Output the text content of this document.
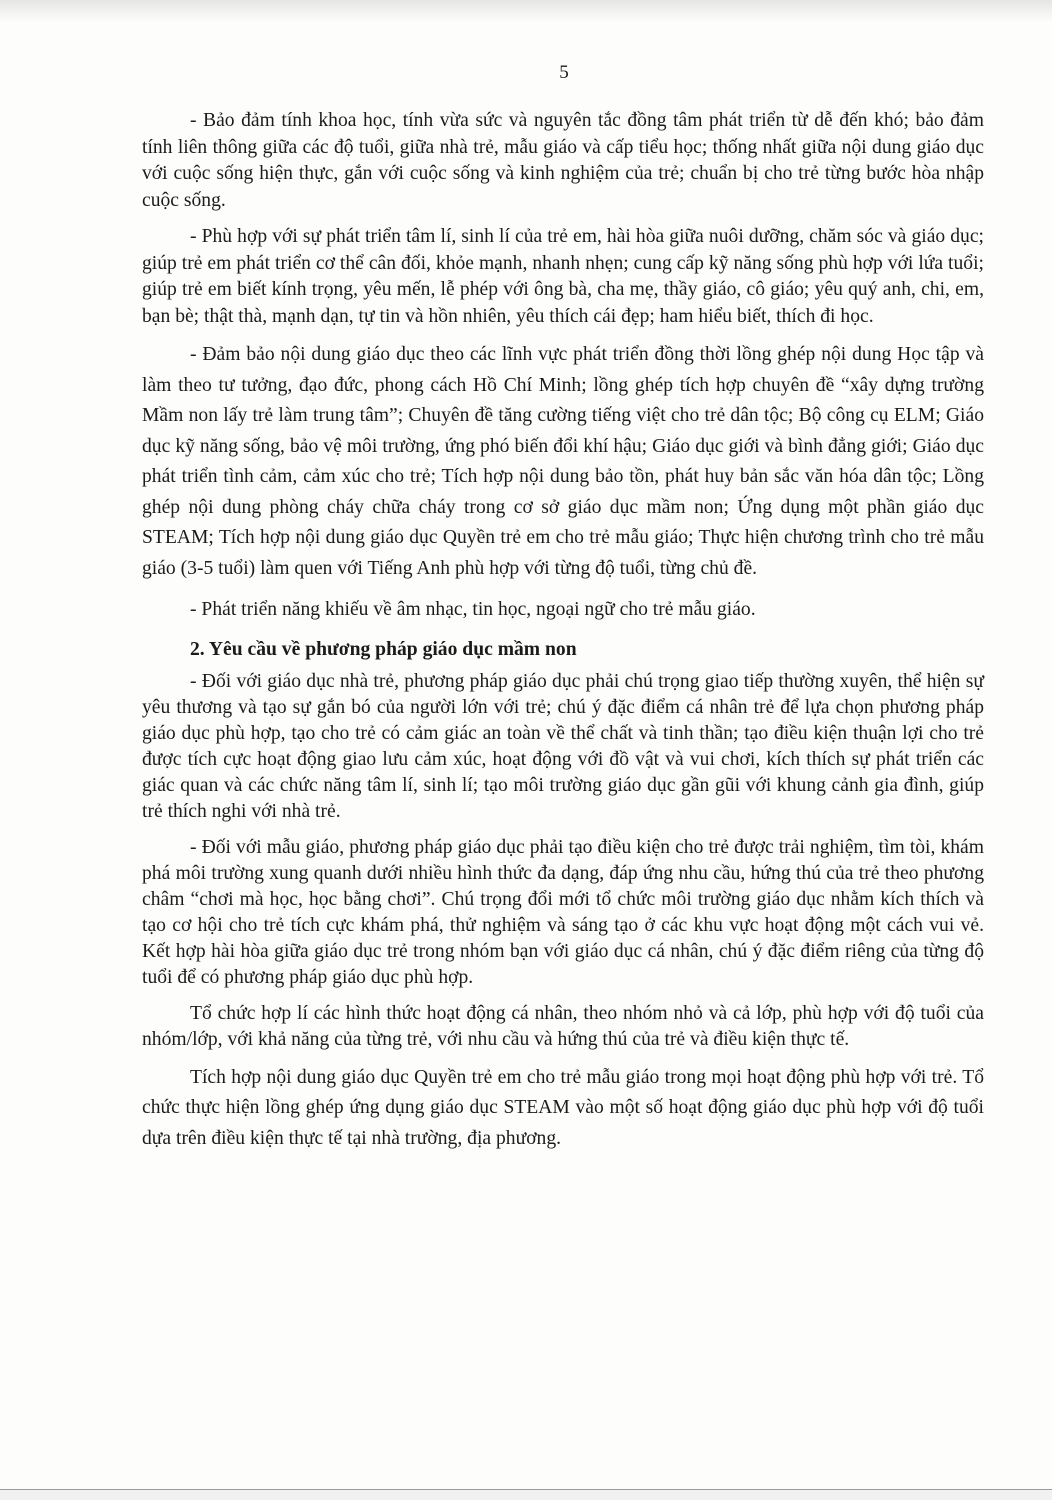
5

- Bảo đảm tính khoa học, tính vừa sức và nguyên tắc đồng tâm phát triển từ dễ đến khó; bảo đảm tính liên thông giữa các độ tuổi, giữa nhà trẻ, mẫu giáo và cấp tiểu học; thống nhất giữa nội dung giáo dục với cuộc sống hiện thực, gắn với cuộc sống và kinh nghiệm của trẻ; chuẩn bị cho trẻ từng bước hòa nhập cuộc sống.

- Phù hợp với sự phát triển tâm lí, sinh lí của trẻ em, hài hòa giữa nuôi dưỡng, chăm sóc và giáo dục; giúp trẻ em phát triển cơ thể cân đối, khỏe mạnh, nhanh nhẹn; cung cấp kỹ năng sống phù hợp với lứa tuổi; giúp trẻ em biết kính trọng, yêu mến, lễ phép với ông bà, cha mẹ, thầy giáo, cô giáo; yêu quý anh, chi, em, bạn bè; thật thà, mạnh dạn, tự tin và hồn nhiên, yêu thích cái đẹp; ham hiểu biết, thích đi học.

- Đảm bảo nội dung giáo dục theo các lĩnh vực phát triển đồng thời lồng ghép nội dung Học tập và làm theo tư tưởng, đạo đức, phong cách Hồ Chí Minh; lồng ghép tích hợp chuyên đề “xây dựng trường Mầm non lấy trẻ làm trung tâm”; Chuyên đề tăng cường tiếng việt cho trẻ dân tộc; Bộ công cụ ELM; Giáo dục kỹ năng sống, bảo vệ môi trường, ứng phó biến đổi khí hậu; Giáo dục giới và bình đẳng giới; Giáo dục phát triển tình cảm, cảm xúc cho trẻ; Tích hợp nội dung bảo tồn, phát huy bản sắc văn hóa dân tộc; Lồng ghép nội dung phòng cháy chữa cháy trong cơ sở giáo dục mầm non; Ứng dụng một phần giáo dục STEAM; Tích hợp nội dung giáo dục Quyền trẻ em cho trẻ mẫu giáo; Thực hiện chương trình cho trẻ mẫu giáo (3-5 tuổi) làm quen với Tiếng Anh phù hợp với từng độ tuổi, từng chủ đề.

- Phát triển năng khiếu về âm nhạc, tin học, ngoại ngữ cho trẻ mẫu giáo.

2. Yêu cầu về phương pháp giáo dục mầm non

- Đối với giáo dục nhà trẻ, phương pháp giáo dục phải chú trọng giao tiếp thường xuyên, thể hiện sự yêu thương và tạo sự gắn bó của người lớn với trẻ; chú ý đặc điểm cá nhân trẻ để lựa chọn phương pháp giáo dục phù hợp, tạo cho trẻ có cảm giác an toàn về thể chất và tinh thần; tạo điều kiện thuận lợi cho trẻ được tích cực hoạt động giao lưu cảm xúc, hoạt động với đồ vật và vui chơi, kích thích sự phát triển các giác quan và các chức năng tâm lí, sinh lí; tạo môi trường giáo dục gần gũi với khung cảnh gia đình, giúp trẻ thích nghi với nhà trẻ.

- Đối với mẫu giáo, phương pháp giáo dục phải tạo điều kiện cho trẻ được trải nghiệm, tìm tòi, khám phá môi trường xung quanh dưới nhiều hình thức đa dạng, đáp ứng nhu cầu, hứng thú của trẻ theo phương châm “chơi mà học, học bằng chơi”. Chú trọng đổi mới tổ chức môi trường giáo dục nhằm kích thích và tạo cơ hội cho trẻ tích cực khám phá, thử nghiệm và sáng tạo ở các khu vực hoạt động một cách vui vẻ. Kết hợp hài hòa giữa giáo dục trẻ trong nhóm bạn với giáo dục cá nhân, chú ý đặc điểm riêng của từng độ tuổi để có phương pháp giáo dục phù hợp.

Tổ chức hợp lí các hình thức hoạt động cá nhân, theo nhóm nhỏ và cả lớp, phù hợp với độ tuổi của nhóm/lớp, với khả năng của từng trẻ, với nhu cầu và hứng thú của trẻ và điều kiện thực tế.

Tích hợp nội dung giáo dục Quyền trẻ em cho trẻ mẫu giáo trong mọi hoạt động phù hợp với trẻ. Tổ chức thực hiện lồng ghép ứng dụng giáo dục STEAM vào một số hoạt động giáo dục phù hợp với độ tuổi dựa trên điều kiện thực tế tại nhà trường, địa phương.
